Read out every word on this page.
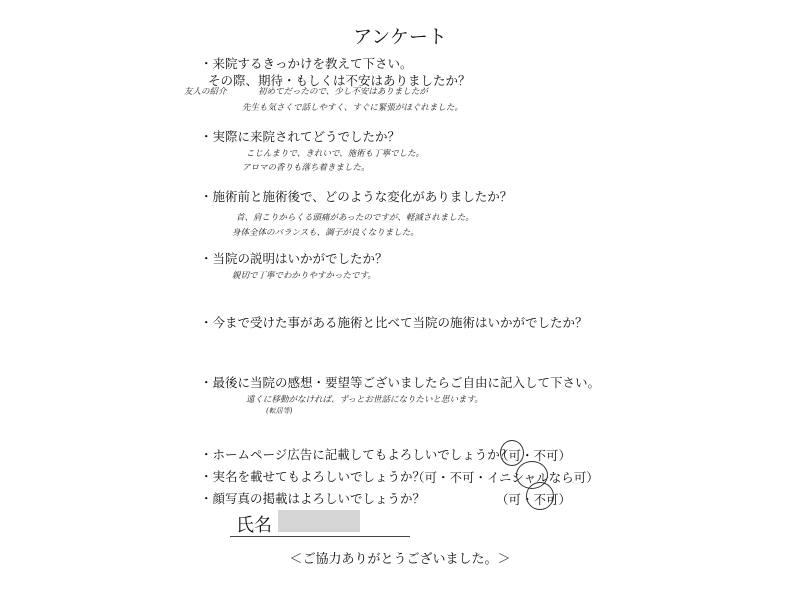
アンケート
・来院するきっかけを教えて下さい。
その際、期待・もしくは不安はありましたか？
友人の紹介	初めてだったので、少し不安はありましたが
先生も気さくで話しやすく、すぐに緊張がほぐれました。
・実際に来院されてどうでしたか？
こじんまりで、きれいで、施術も丁寧でした。
アロマの香りも落ち着きました。
・施術前と施術後で、どのような変化がありましたか？
首、肩こりからくる頭痛があったのですが、軽減されました。
身体全体のバランスも、調子が良くなりました。
・当院の説明はいかがでしたか？
親切で丁寧でわかりやすかったです。
・今まで受けた事がある施術と比べて当院の施術はいかがでしたか？
・最後に当院の感想・要望等ございましたらご自由に記入して下さい。
遠くに移動がなければ、ずっとお世話になりたいと思います。
(転居等)
・ホームページ広告に記載してもよろしいでしょうか？
（可・不可）
・実名を載せてもよろしいでしょうか？
（可・不可・イニシャルなら可）
・顔写真の掲載はよろしいでしょうか？	（可・不可）
氏名
＜ご協力ありがとうございました。＞
